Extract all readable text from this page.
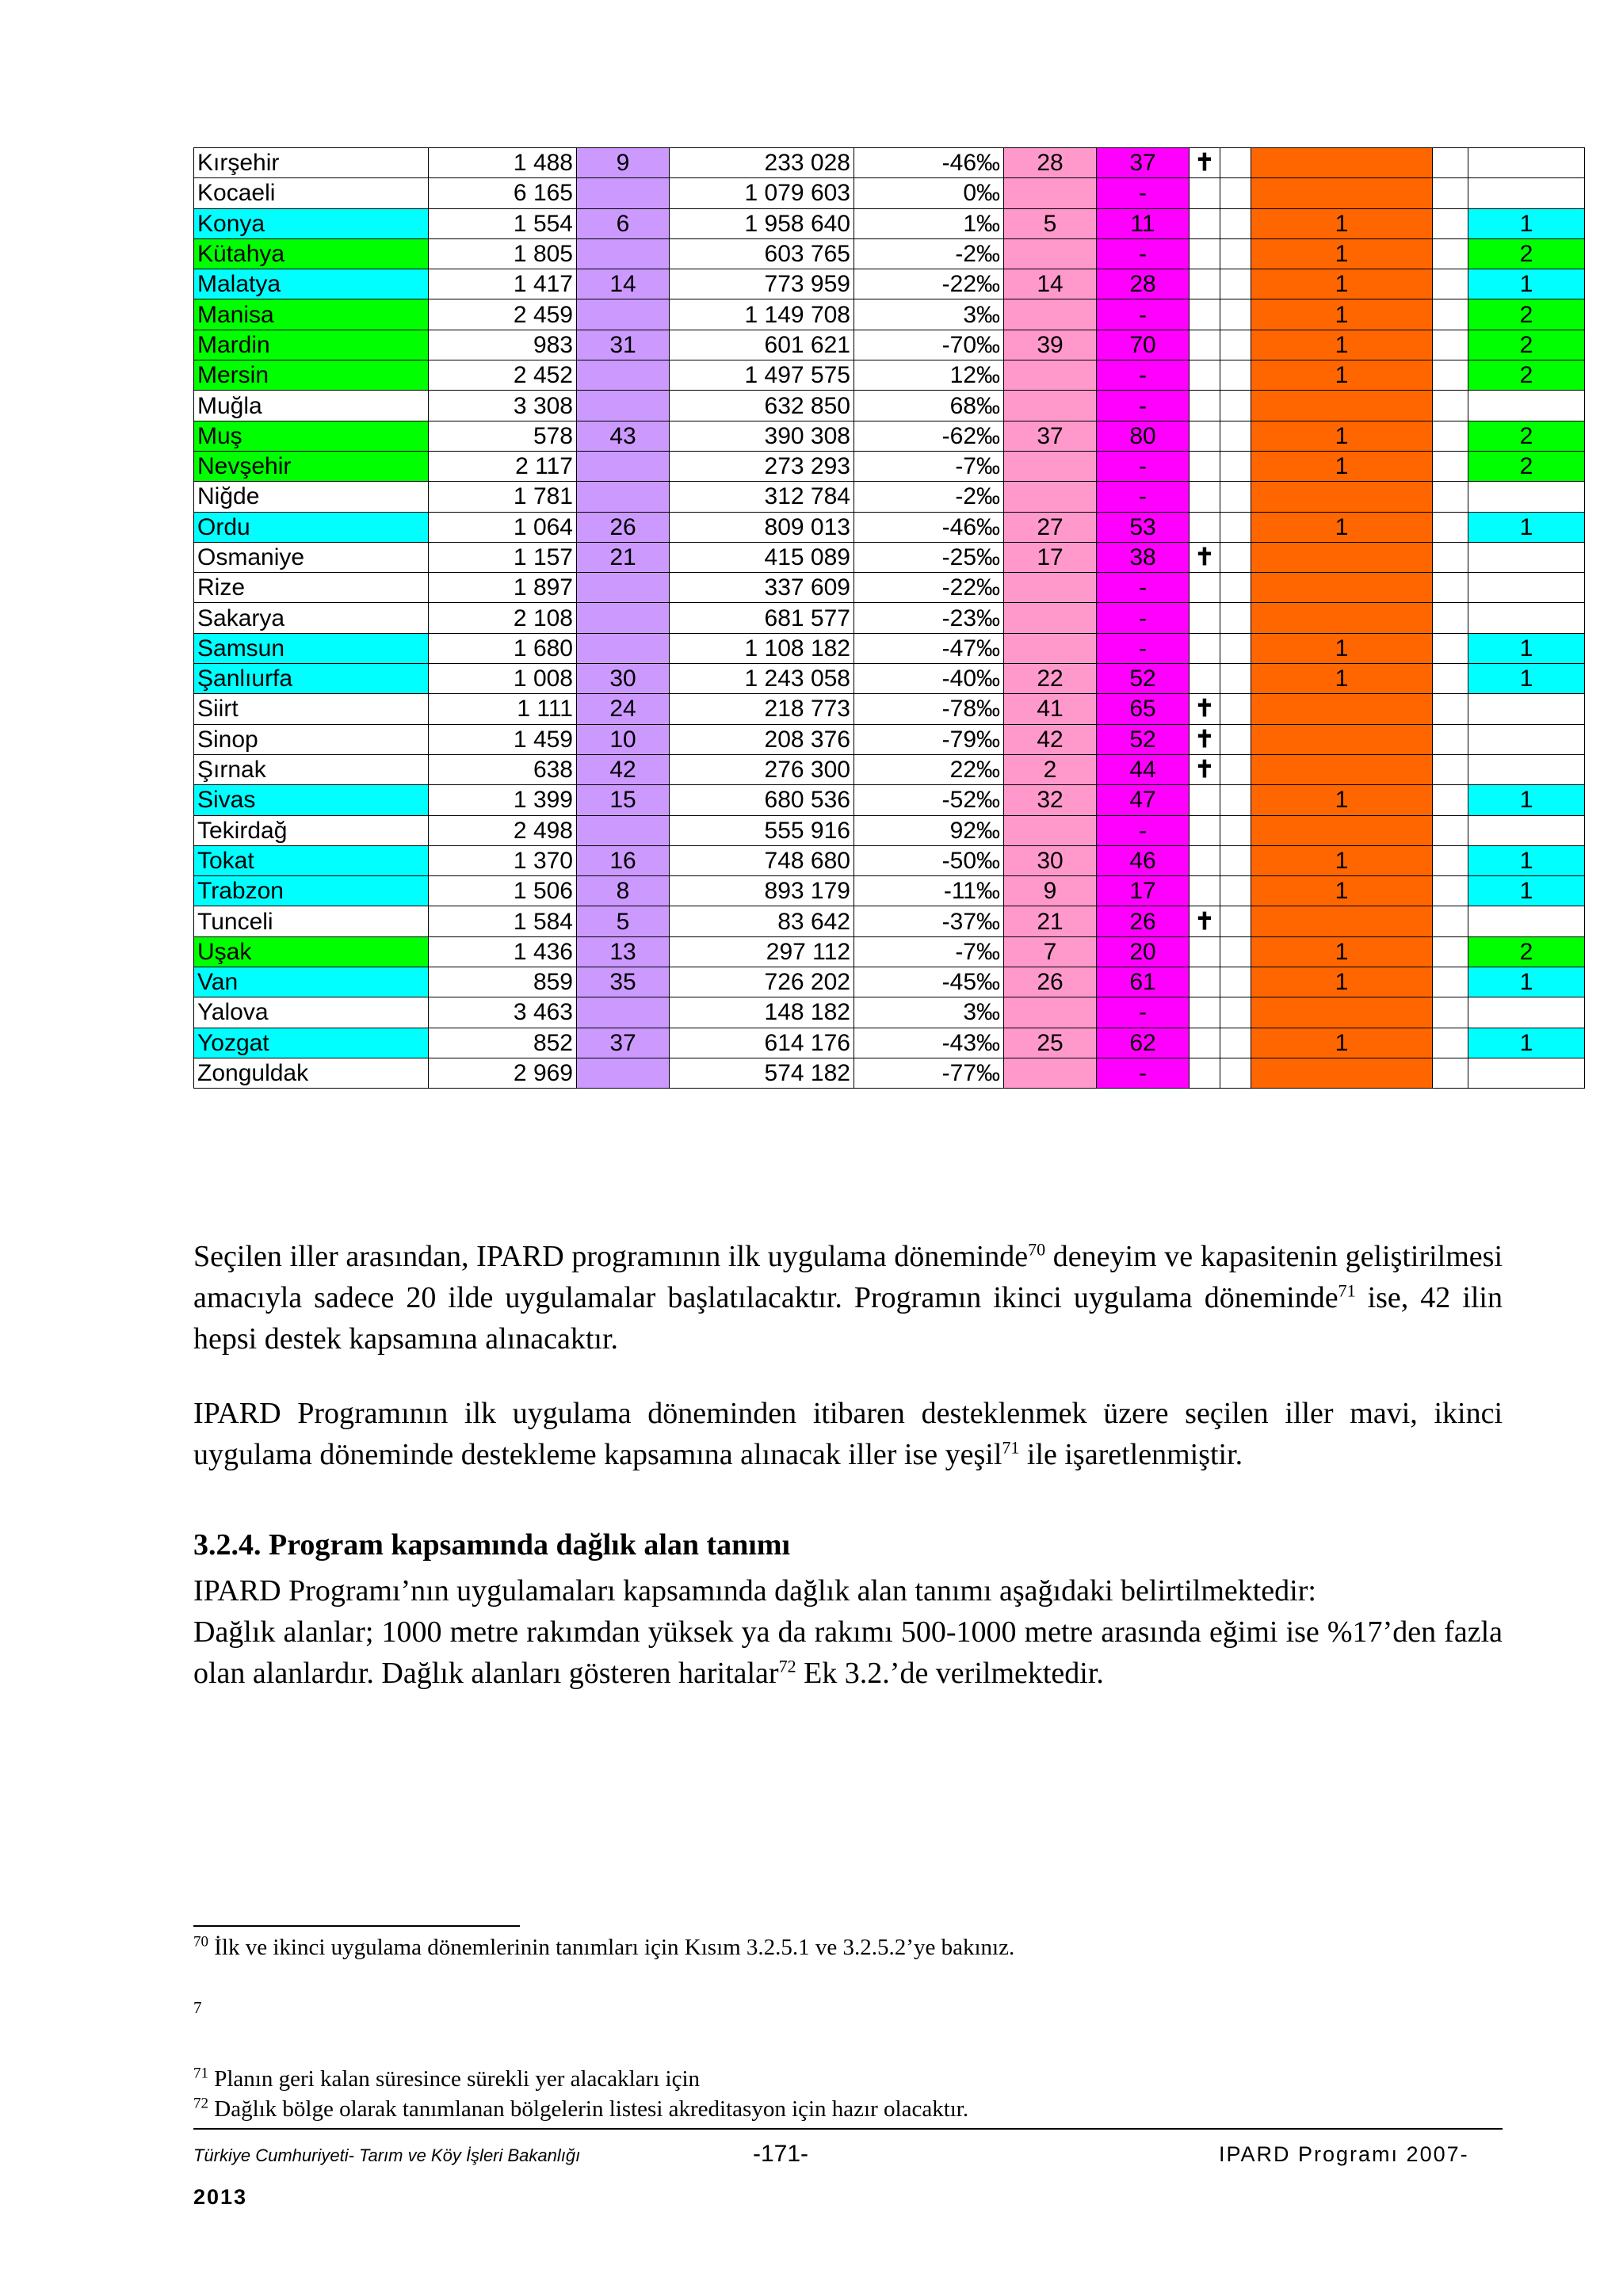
Kırşehir	1 488	9	233 028	-46‰	28	37	✝				
Kocaeli	6 165		1 079 603	0‰		-					
Konya	1 554	6	1 958 640	1‰	5	11			1		1
Kütahya	1 805		603 765	-2‰		-			1		2
Malatya	1 417	14	773 959	-22‰	14	28			1		1
Manisa	2 459		1 149 708	3‰		-			1		2
Mardin	983	31	601 621	-70‰	39	70			1		2
Mersin	2 452		1 497 575	12‰		-			1		2
Muğla	3 308		632 850	68‰		-					
Muş	578	43	390 308	-62‰	37	80			1		2
Nevşehir	2 117		273 293	-7‰		-			1		2
Niğde	1 781		312 784	-2‰		-					
Ordu	1 064	26	809 013	-46‰	27	53			1		1
Osmaniye	1 157	21	415 089	-25‰	17	38	✝				
Rize	1 897		337 609	-22‰		-					
Sakarya	2 108		681 577	-23‰		-					
Samsun	1 680		1 108 182	-47‰		-			1		1
Şanlıurfa	1 008	30	1 243 058	-40‰	22	52			1		1
Siirt	1 111	24	218 773	-78‰	41	65	✝				
Sinop	1 459	10	208 376	-79‰	42	52	✝				
Şırnak	638	42	276 300	22‰	2	44	✝				
Sivas	1 399	15	680 536	-52‰	32	47			1		1
Tekirdağ	2 498		555 916	92‰		-					
Tokat	1 370	16	748 680	-50‰	30	46			1		1
Trabzon	1 506	8	893 179	-11‰	9	17			1		1
Tunceli	1 584	5	83 642	-37‰	21	26	✝				
Uşak	1 436	13	297 112	-7‰	7	20			1		2
Van	859	35	726 202	-45‰	26	61			1		1
Yalova	3 463		148 182	3‰		-					
Yozgat	852	37	614 176	-43‰	25	62			1		1
Zonguldak	2 969		574 182	-77‰		-					
Seçilen iller arasından, IPARD programının ilk uygulama döneminde$^{70}$ deneyim ve kapasitenin geliştirilmesi amacıyla sadece 20 ilde uygulamalar başlatılacaktır. Programın ikinci uygulama döneminde$^{71}$ ise, 42 ilin hepsi destek kapsamına alınacaktır.
IPARD Programının ilk uygulama döneminden itibaren desteklenmek üzere seçilen iller mavi, ikinci uygulama döneminde destekleme kapsamına alınacak iller ise yeşil$^{71}$ ile işaretlenmiştir.
3.2.4. Program kapsamında dağlık alan tanımı
IPARD Programı’nın uygulamaları kapsamında dağlık alan tanımı aşağıdaki belirtilmektedir:
Dağlık alanlar; 1000 metre rakımdan yüksek ya da rakımı 500-1000 metre arasında eğimi ise %17’den fazla olan alanlardır. Dağlık alanları gösteren haritalar$^{72}$ Ek 3.2.’de verilmektedir.
$^{70}$ İlk ve ikinci uygulama dönemlerinin tanımları için Kısım 3.2.5.1 ve 3.2.5.2’ye bakınız.
7
$^{71}$ Planın geri kalan süresince sürekli yer alacakları için
$^{72}$ Dağlık bölge olarak tanımlanan bölgelerin listesi akreditasyon için hazır olacaktır.
Türkiye Cumhuriyeti- Tarım ve Köy İşleri Bakanlığı	-171-	IPARD Programı 2007-
2013
